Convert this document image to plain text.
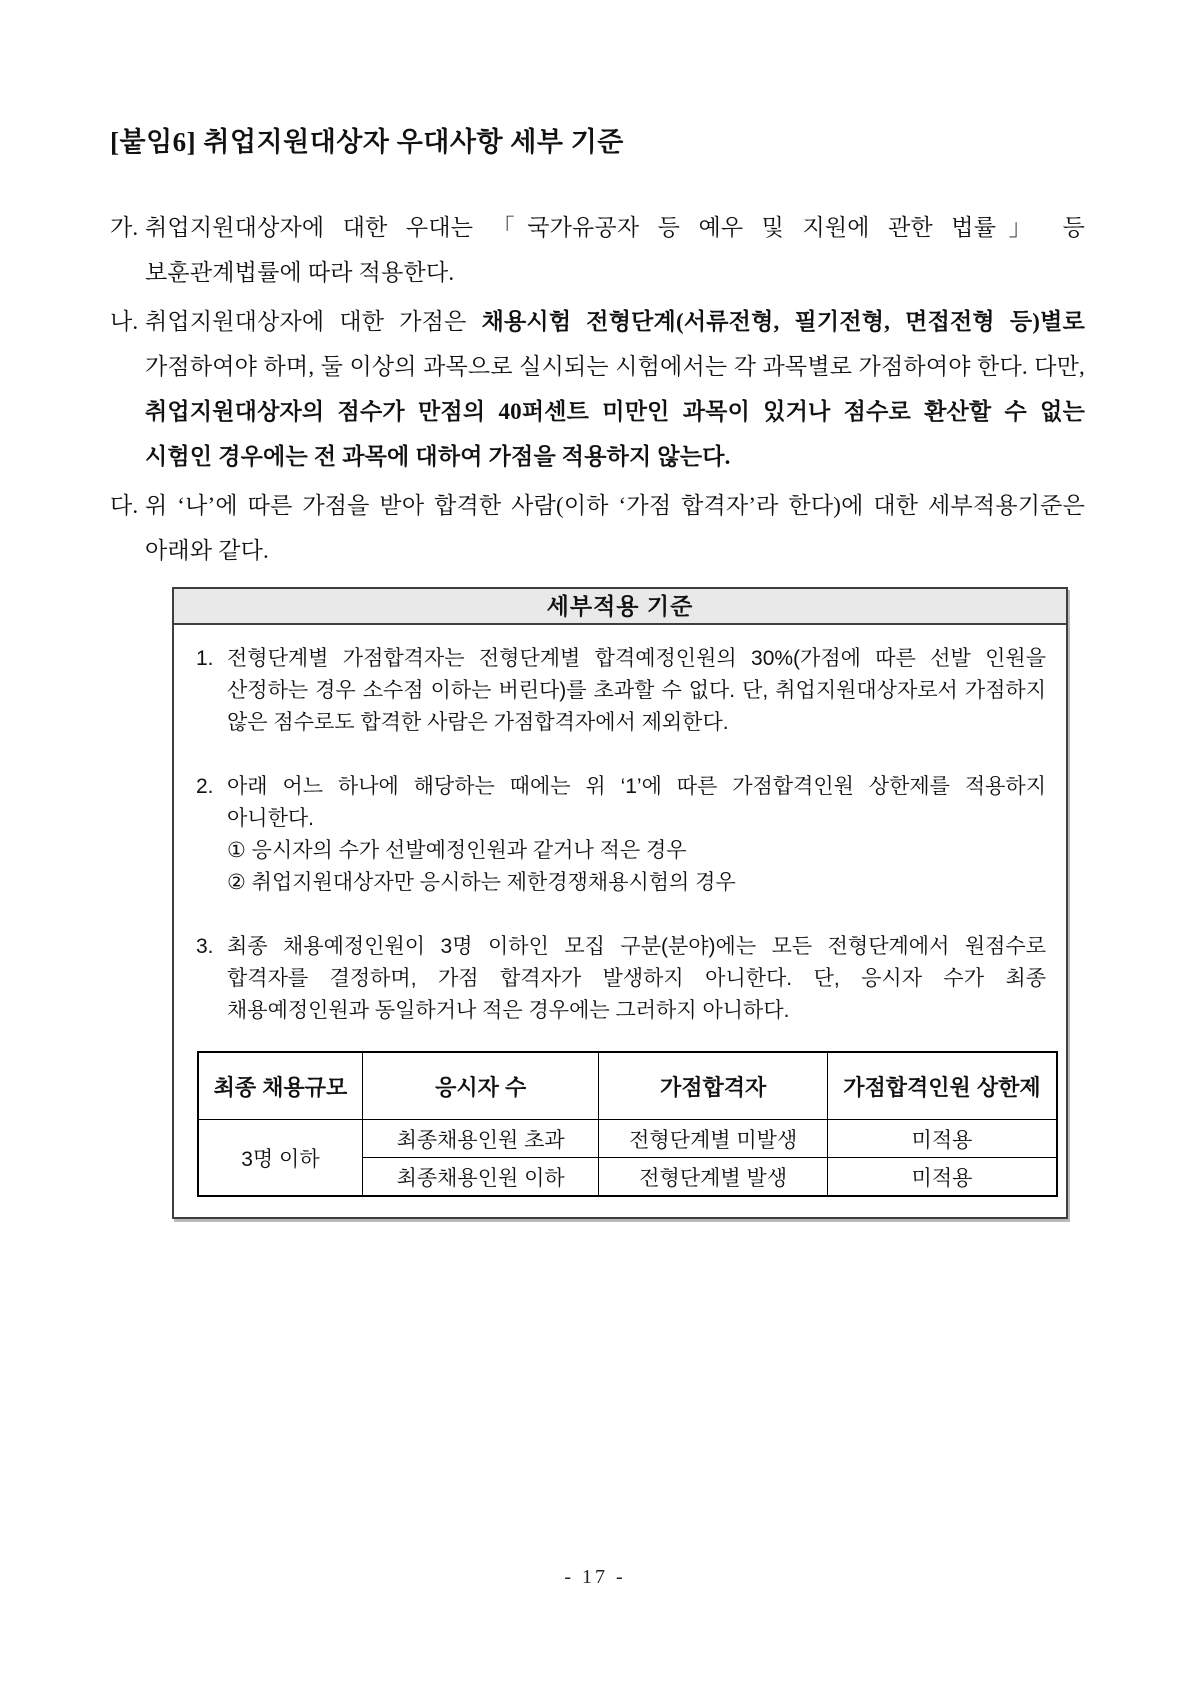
[붙임6] 취업지원대상자 우대사항 세부 기준
가. 취업지원대상자에 대한 우대는 「국가유공자 등 예우 및 지원에 관한 법률」 등 보훈관계법률에 따라 적용한다.
나. 취업지원대상자에 대한 가점은 채용시험 전형단계(서류전형, 필기전형, 면접전형 등)별로 가점하여야 하며, 둘 이상의 과목으로 실시되는 시험에서는 각 과목별로 가점하여야 한다. 다만, 취업지원대상자의 점수가 만점의 40퍼센트 미만인 과목이 있거나 점수로 환산할 수 없는 시험인 경우에는 전 과목에 대하여 가점을 적용하지 않는다.
다. 위 ‘나’에 따른 가점을 받아 합격한 사람(이하 ‘가점 합격자’라 한다)에 대한 세부적용기준은 아래와 같다.
세부적용 기준
1. 전형단계별 가점합격자는 전형단계별 합격예정인원의 30%(가점에 따른 선발 인원을 산정하는 경우 소수점 이하는 버린다)를 초과할 수 없다. 단, 취업지원대상자로서 가점하지 않은 점수로도 합격한 사람은 가점합격자에서 제외한다.
2. 아래 어느 하나에 해당하는 때에는 위 ‘1’에 따른 가점합격인원 상한제를 적용하지 아니한다.
① 응시자의 수가 선발예정인원과 같거나 적은 경우
② 취업지원대상자만 응시하는 제한경쟁채용시험의 경우
3. 최종 채용예정인원이 3명 이하인 모집 구분(분야)에는 모든 전형단계에서 원점수로 합격자를 결정하며, 가점 합격자가 발생하지 아니한다. 단, 응시자 수가 최종 채용예정인원과 동일하거나 적은 경우에는 그러하지 아니하다.
최종 채용규모	응시자 수	가점합격자	가점합격인원 상한제
3명 이하	최종채용인원 초과	전형단계별 미발생	미적용
	최종채용인원 이하	전형단계별 발생	미적용
- 17 -
